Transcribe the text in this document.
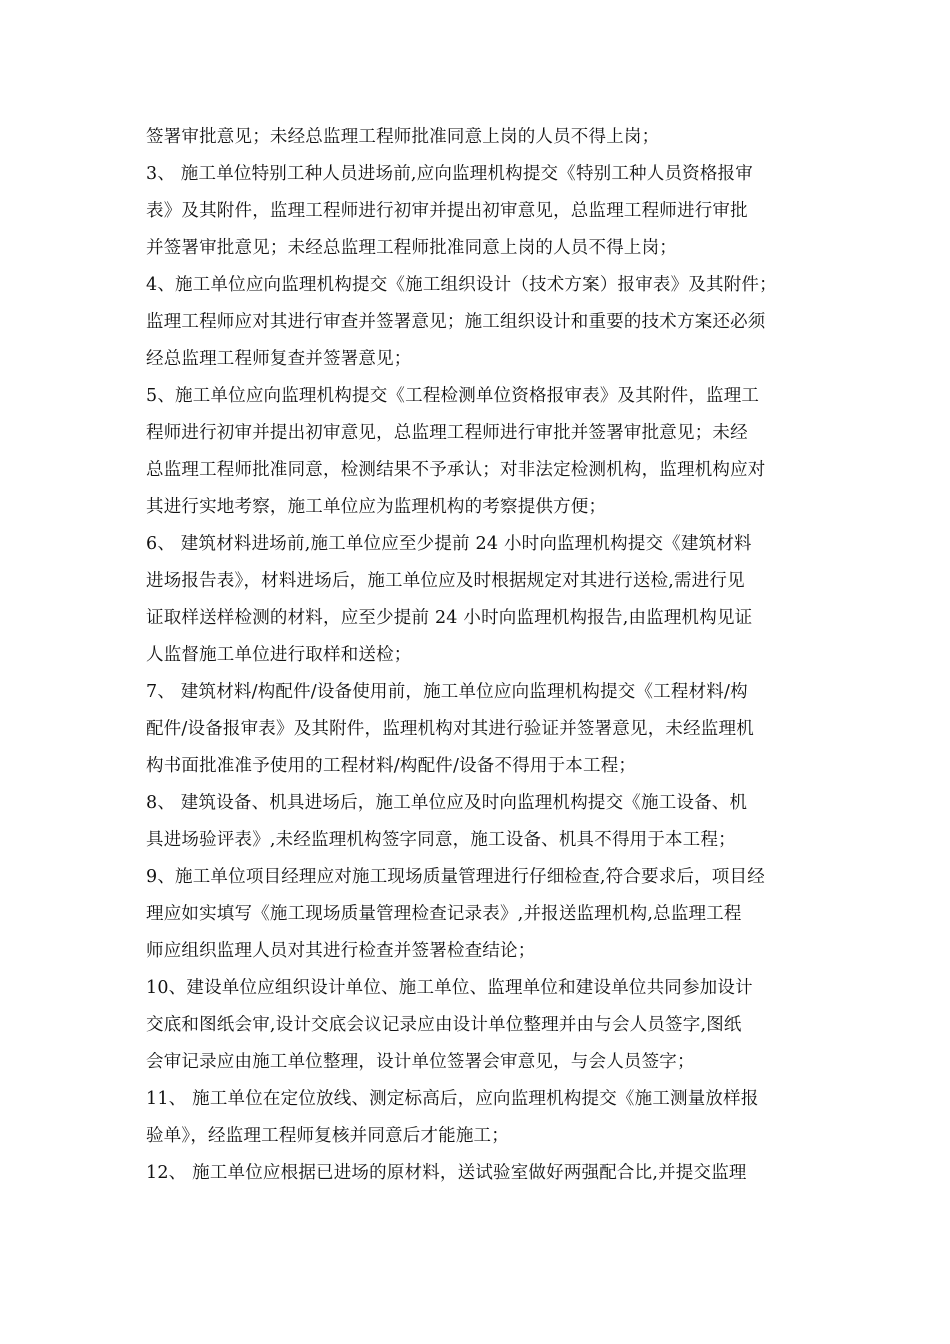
签署审批意见；未经总监理工程师批准同意上岗的人员不得上岗；
3、 施工单位特别工种人员进场前,应向监理机构提交《特别工种人员资格报审
表》及其附件，监理工程师进行初审并提出初审意见，总监理工程师进行审批
并签署审批意见；未经总监理工程师批准同意上岗的人员不得上岗；
4、施工单位应向监理机构提交《施工组织设计（技术方案）报审表》及其附件；
监理工程师应对其进行审查并签署意见；施工组织设计和重要的技术方案还必须
经总监理工程师复查并签署意见；
5、施工单位应向监理机构提交《工程检测单位资格报审表》及其附件，监理工
程师进行初审并提出初审意见，总监理工程师进行审批并签署审批意见；未经
总监理工程师批准同意，检测结果不予承认；对非法定检测机构，监理机构应对
其进行实地考察，施工单位应为监理机构的考察提供方便；
6、 建筑材料进场前,施工单位应至少提前 24 小时向监理机构提交《建筑材料
进场报告表》，材料进场后，施工单位应及时根据规定对其进行送检,需进行见
证取样送样检测的材料，应至少提前 24 小时向监理机构报告,由监理机构见证
人监督施工单位进行取样和送检；
7、 建筑材料/构配件/设备使用前，施工单位应向监理机构提交《工程材料/构
配件/设备报审表》及其附件，监理机构对其进行验证并签署意见，未经监理机
构书面批准准予使用的工程材料/构配件/设备不得用于本工程；
8、 建筑设备、机具进场后，施工单位应及时向监理机构提交《施工设备、机
具进场验评表》,未经监理机构签字同意，施工设备、机具不得用于本工程；
9、施工单位项目经理应对施工现场质量管理进行仔细检查,符合要求后，项目经
理应如实填写《施工现场质量管理检查记录表》,并报送监理机构,总监理工程
师应组织监理人员对其进行检查并签署检查结论；
10、建设单位应组织设计单位、施工单位、监理单位和建设单位共同参加设计
交底和图纸会审,设计交底会议记录应由设计单位整理并由与会人员签字,图纸
会审记录应由施工单位整理，设计单位签署会审意见，与会人员签字；
11、 施工单位在定位放线、测定标高后，应向监理机构提交《施工测量放样报
验单》，经监理工程师复核并同意后才能施工；
12、 施工单位应根据已进场的原材料，送试验室做好两强配合比,并提交监理
